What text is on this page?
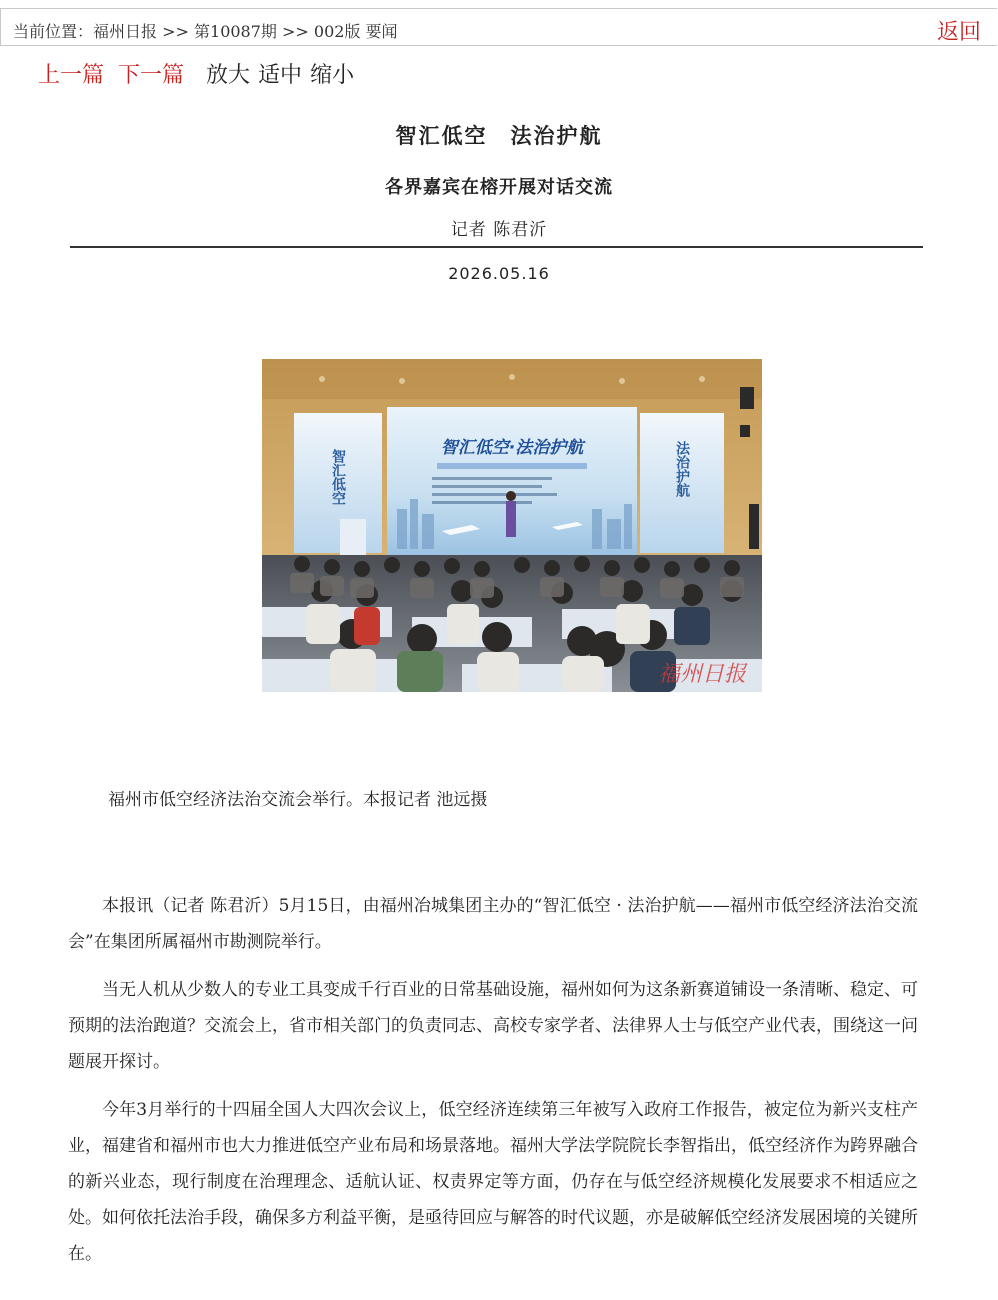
当前位置：福州日报 >> 第10087期 >> 002版 要闻	返回
上一篇 下一篇 放大 适中 缩小
智汇低空　法治护航
各界嘉宾在榕开展对话交流
记者 陈君沂
2026.05.16
智汇低空
智汇低空·法治护航	法治护航
福州日报
福州市低空经济法治交流会举行。本报记者 池远摄

本报讯（记者 陈君沂）5月15日，由福州冶城集团主办的“智汇低空 · 法治护航——福州市低空经济法治交流会”在集团所属福州市勘测院举行。

当无人机从少数人的专业工具变成千行百业的日常基础设施，福州如何为这条新赛道铺设一条清晰、稳定、可预期的法治跑道？交流会上，省市相关部门的负责同志、高校专家学者、法律界人士与低空产业代表，围绕这一问题展开探讨。

今年3月举行的十四届全国人大四次会议上，低空经济连续第三年被写入政府工作报告，被定位为新兴支柱产业，福建省和福州市也大力推进低空产业布局和场景落地。福州大学法学院院长李智指出，低空经济作为跨界融合的新兴业态，现行制度在治理理念、适航认证、权责界定等方面，仍存在与低空经济规模化发展要求不相适应之处。如何依托法治手段，确保多方利益平衡，是亟待回应与解答的时代议题，亦是破解低空经济发展困境的关键所在。
